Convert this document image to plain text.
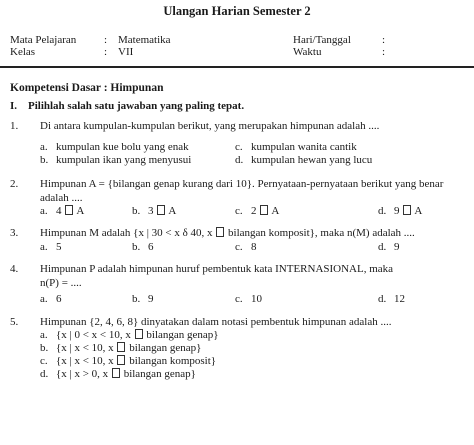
Ulangan Harian Semester 2
Mata Pelajaran	: Matematika	Hari/Tanggal	:
Kelas	: VII	Waktu	:
Kompetensi Dasar : Himpunan
I. Pilihlah salah satu jawaban yang paling tepat.
1. Di antara kumpulan-kumpulan berikut, yang merupakan himpunan adalah ....
a. kumpulan kue bolu yang enak
b. kumpulan ikan yang menyusui
c. kumpulan wanita cantik
d. kumpulan hewan yang lucu
2. Himpunan A = {bilangan genap kurang dari 10}. Pernyataan-pernyataan berikut yang benar
adalah ....
a. 4 A	b. 3 A	c. 2 A	d. 9 A
3. Himpunan M adalah {x | 30 < x δ 40, x bilangan komposit}, maka n(M) adalah ....
a. 5	b. 6	c. 8	d. 9
4. Himpunan P adalah himpunan huruf pembentuk kata INTERNASIONAL, maka
n(P) = ....
a. 6	b. 9	c. 10	d. 12
5. Himpunan {2, 4, 6, 8} dinyatakan dalam notasi pembentuk himpunan adalah ....
a. {x | 0 < x < 10, x bilangan genap}
b. {x | x < 10, x bilangan genap}
c. {x | x < 10, x bilangan komposit}
d. {x | x > 0, x bilangan genap}
